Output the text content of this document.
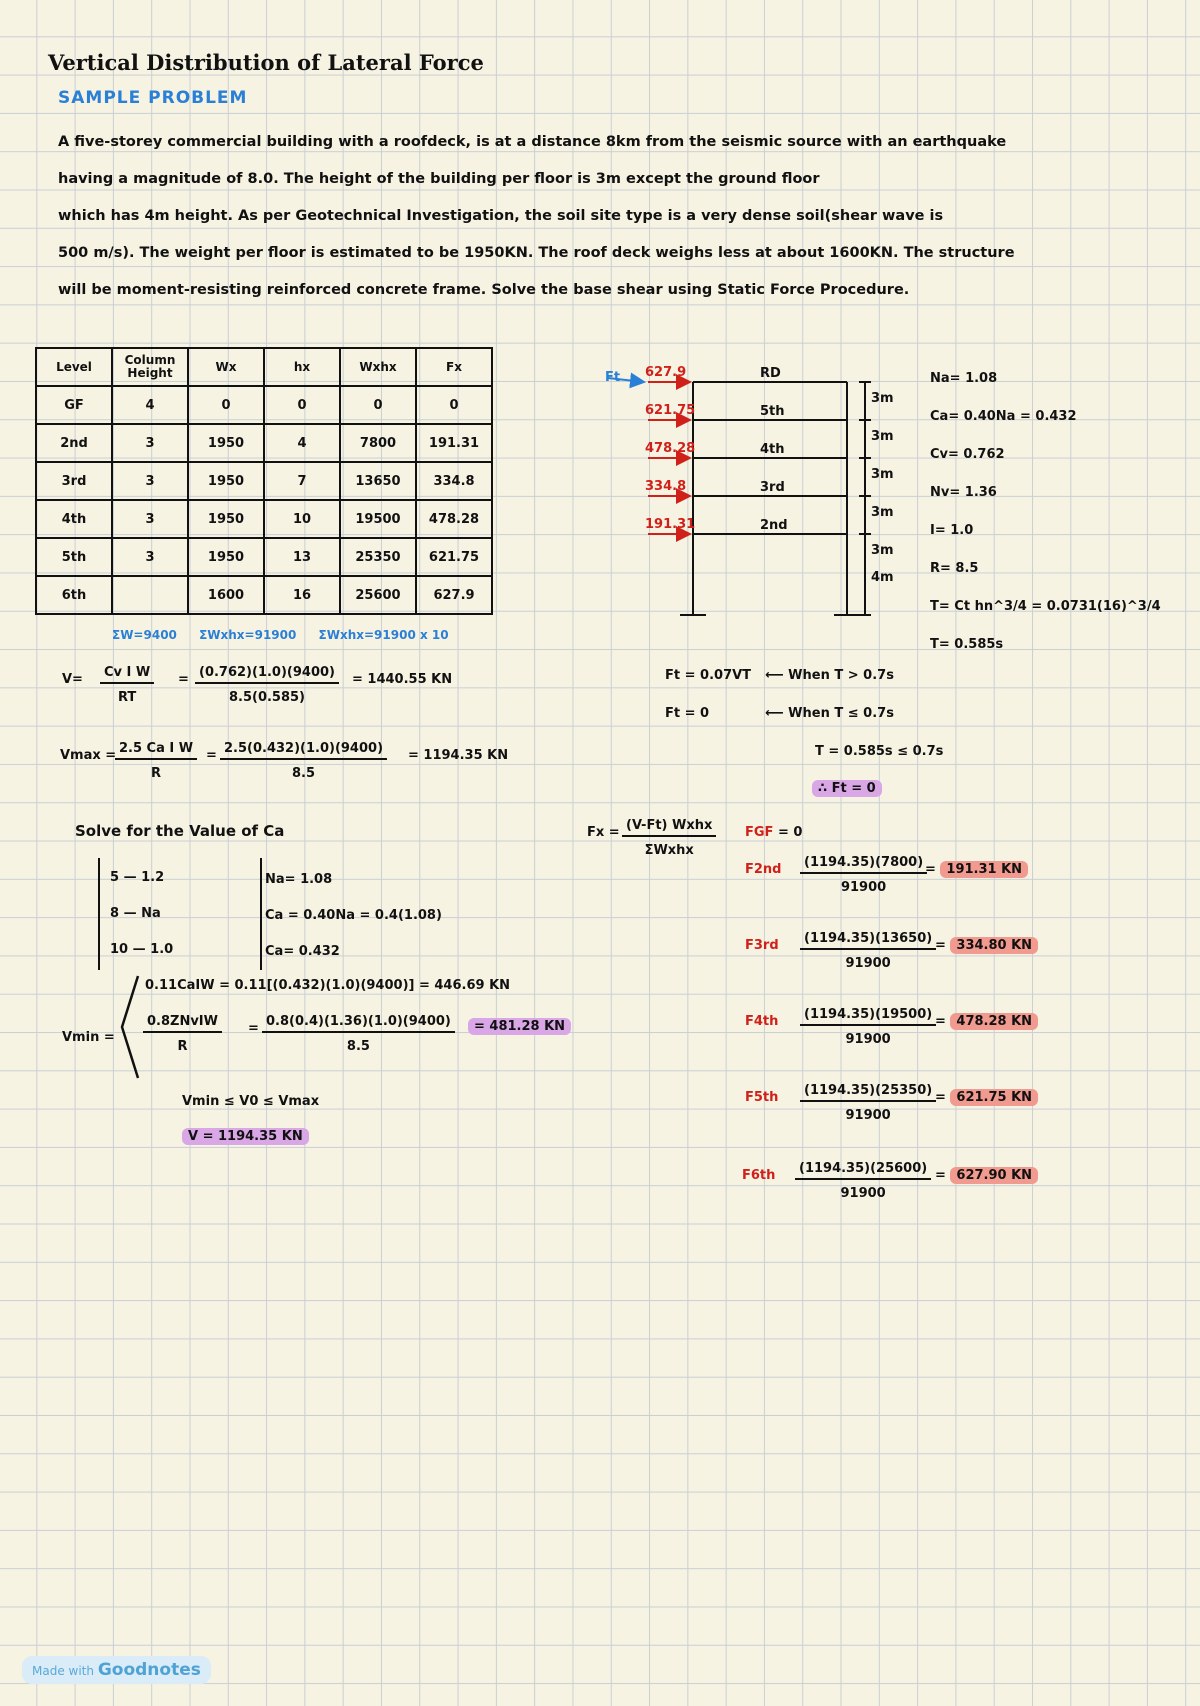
Vertical Distribution of Lateral Force
SAMPLE PROBLEM
A five-storey commercial building with a roofdeck, is at a distance 8km from the seismic source with an earthquake
having a magnitude of 8.0. The height of the building per floor is 3m except the ground floor
which has 4m height. As per Geotechnical Investigation, the soil site type is a very dense soil(shear wave is
500 m/s). The weight per floor is estimated to be 1950KN. The roof deck weighs less at about 1600KN. The structure
will be moment-resisting reinforced concrete frame. Solve the base shear using Static Force Procedure.
Level	Column Height	Wx	hx	Wxhx	Fx
GF	4	0	0	0	0
2nd	3	1950	4	7800	191.31
3rd	3	1950	7	13650	334.8
4th	3	1950	10	19500	478.28
5th	3	1950	13	25350	621.75
6th		1600	16	25600	627.9
ΣW=9400 ΣWxhx=91900 ΣWxhx=91900 x 10
Ft 627.9
621.75
478.28
334.8
191.31
RD
5th
4th
3rd
2nd
3m
3m
3m
3m
3m
4m
Na= 1.08
Ca= 0.40Na = 0.432
Cv= 0.762
Nv= 1.36
I= 1.0
R= 8.5
T= Ct hn^3/4 = 0.0731(16)^3/4
T= 0.585s
Ft = 0.07VT ⟵ When T > 0.7s
Ft = 0	⟵ When T ≤ 0.7s
T = 0.585s ≤ 0.7s
∴ Ft = 0
$V= \frac{\text{Cv I W}}{RT} = \frac{(0.762)(1.0)(9400)}{8.5(0.585)} = 1440.55$ KN
Vmax =
$\frac{\text{2.5 Ca I W}}{R} = \frac{2.5(0.432)(1.0)(9400)}{8.5} = 1194.35$ KN
Solve for the Value of Ca
5 — 1.2
8 — Na
10 — 1.0
Na= 1.08
Ca = 0.40Na = 0.4(1.08)
Ca= 0.432
Vmin =
0.11CaIW = 0.11[(0.432)(1.0)(9400)] = 446.69 KN
0.8ZNvIW
R
= $\frac{0.8(0.4)(1.36)(1.0)(9400)}{8.5}$	= 481.28 KN
Vmin ≤ V0 ≤ Vmax
V = 1194.35 KN
Fx = (V-Ft) Wxhx
ΣWxhx
FGF = 0
$F2nd \frac{(1194.35)(7800)}{91900}$
= 191.31 KN
$F3rd \frac{(1194.35)(13650)}{91900}$
= 334.80 KN
$F4th \frac{(1194.35)(19500)}{91900}$
= 478.28 KN
$F5th \frac{(1194.35)(25350)}{91900}$
= 621.75 KN
$F6th \frac{(1194.35)(25600)}{91900} = 627.90$ KN
Made with Goodnotes
